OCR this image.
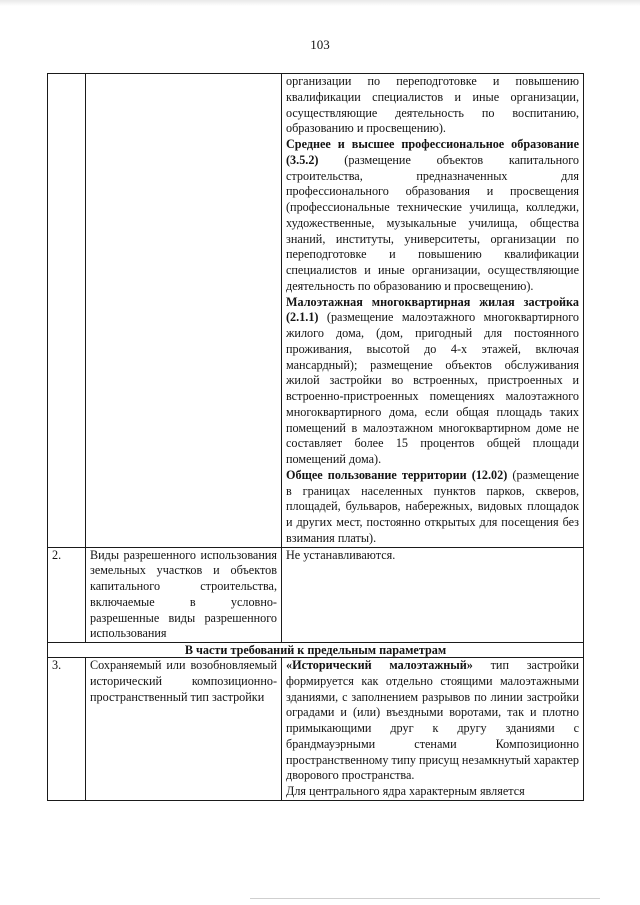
103

		организации по переподготовке и повышению квалификации специалистов и иные организации, осуществляющие деятельность по воспитанию, образованию и просвещению).

Среднее и высшее профессиональное образование (3.5.2) (размещение объектов капитального строительства, предназначенных для профессионального образования и просвещения (профессиональные технические училища, колледжи, художественные, музыкальные училища, общества знаний, институты, университеты, организации по переподготовке и повышению квалификации специалистов и иные организации, осуществляющие деятельность по образованию и просвещению).

Малоэтажная многоквартирная жилая застройка (2.1.1) (размещение малоэтажного многоквартирного жилого дома, (дом, пригодный для постоянного проживания, высотой до 4-х этажей, включая мансардный); размещение объектов обслуживания жилой застройки во встроенных, пристроенных и встроенно-пристроенных помещениях малоэтажного многоквартирного дома, если общая площадь таких помещений в малоэтажном многоквартирном доме не составляет более 15 процентов общей площади помещений дома).

Общее пользование территории (12.02) (размещение в границах населенных пунктов парков, скверов, площадей, бульваров, набережных, видовых площадок и других мест, постоянно открытых для посещения без взимания платы).

2.	Виды разрешенного использования земельных участков и объектов капитального строительства, включаемые в условно-разрешенные виды разрешенного использования	Не устанавливаются.
В части требований к предельным параметрам		
3.	Сохраняемый или возобновляемый исторический композиционно-пространственный тип застройки	«Исторический малоэтажный» тип застройки формируется как отдельно стоящими малоэтажными зданиями, с заполнением разрывов по линии застройки оградами и (или) въездными воротами, так и плотно примыкающими друг к другу зданиями с брандмауэрными стенами Композиционно пространственному типу присущ незамкнутый характер дворового пространства.

Для центрального ядра характерным является
